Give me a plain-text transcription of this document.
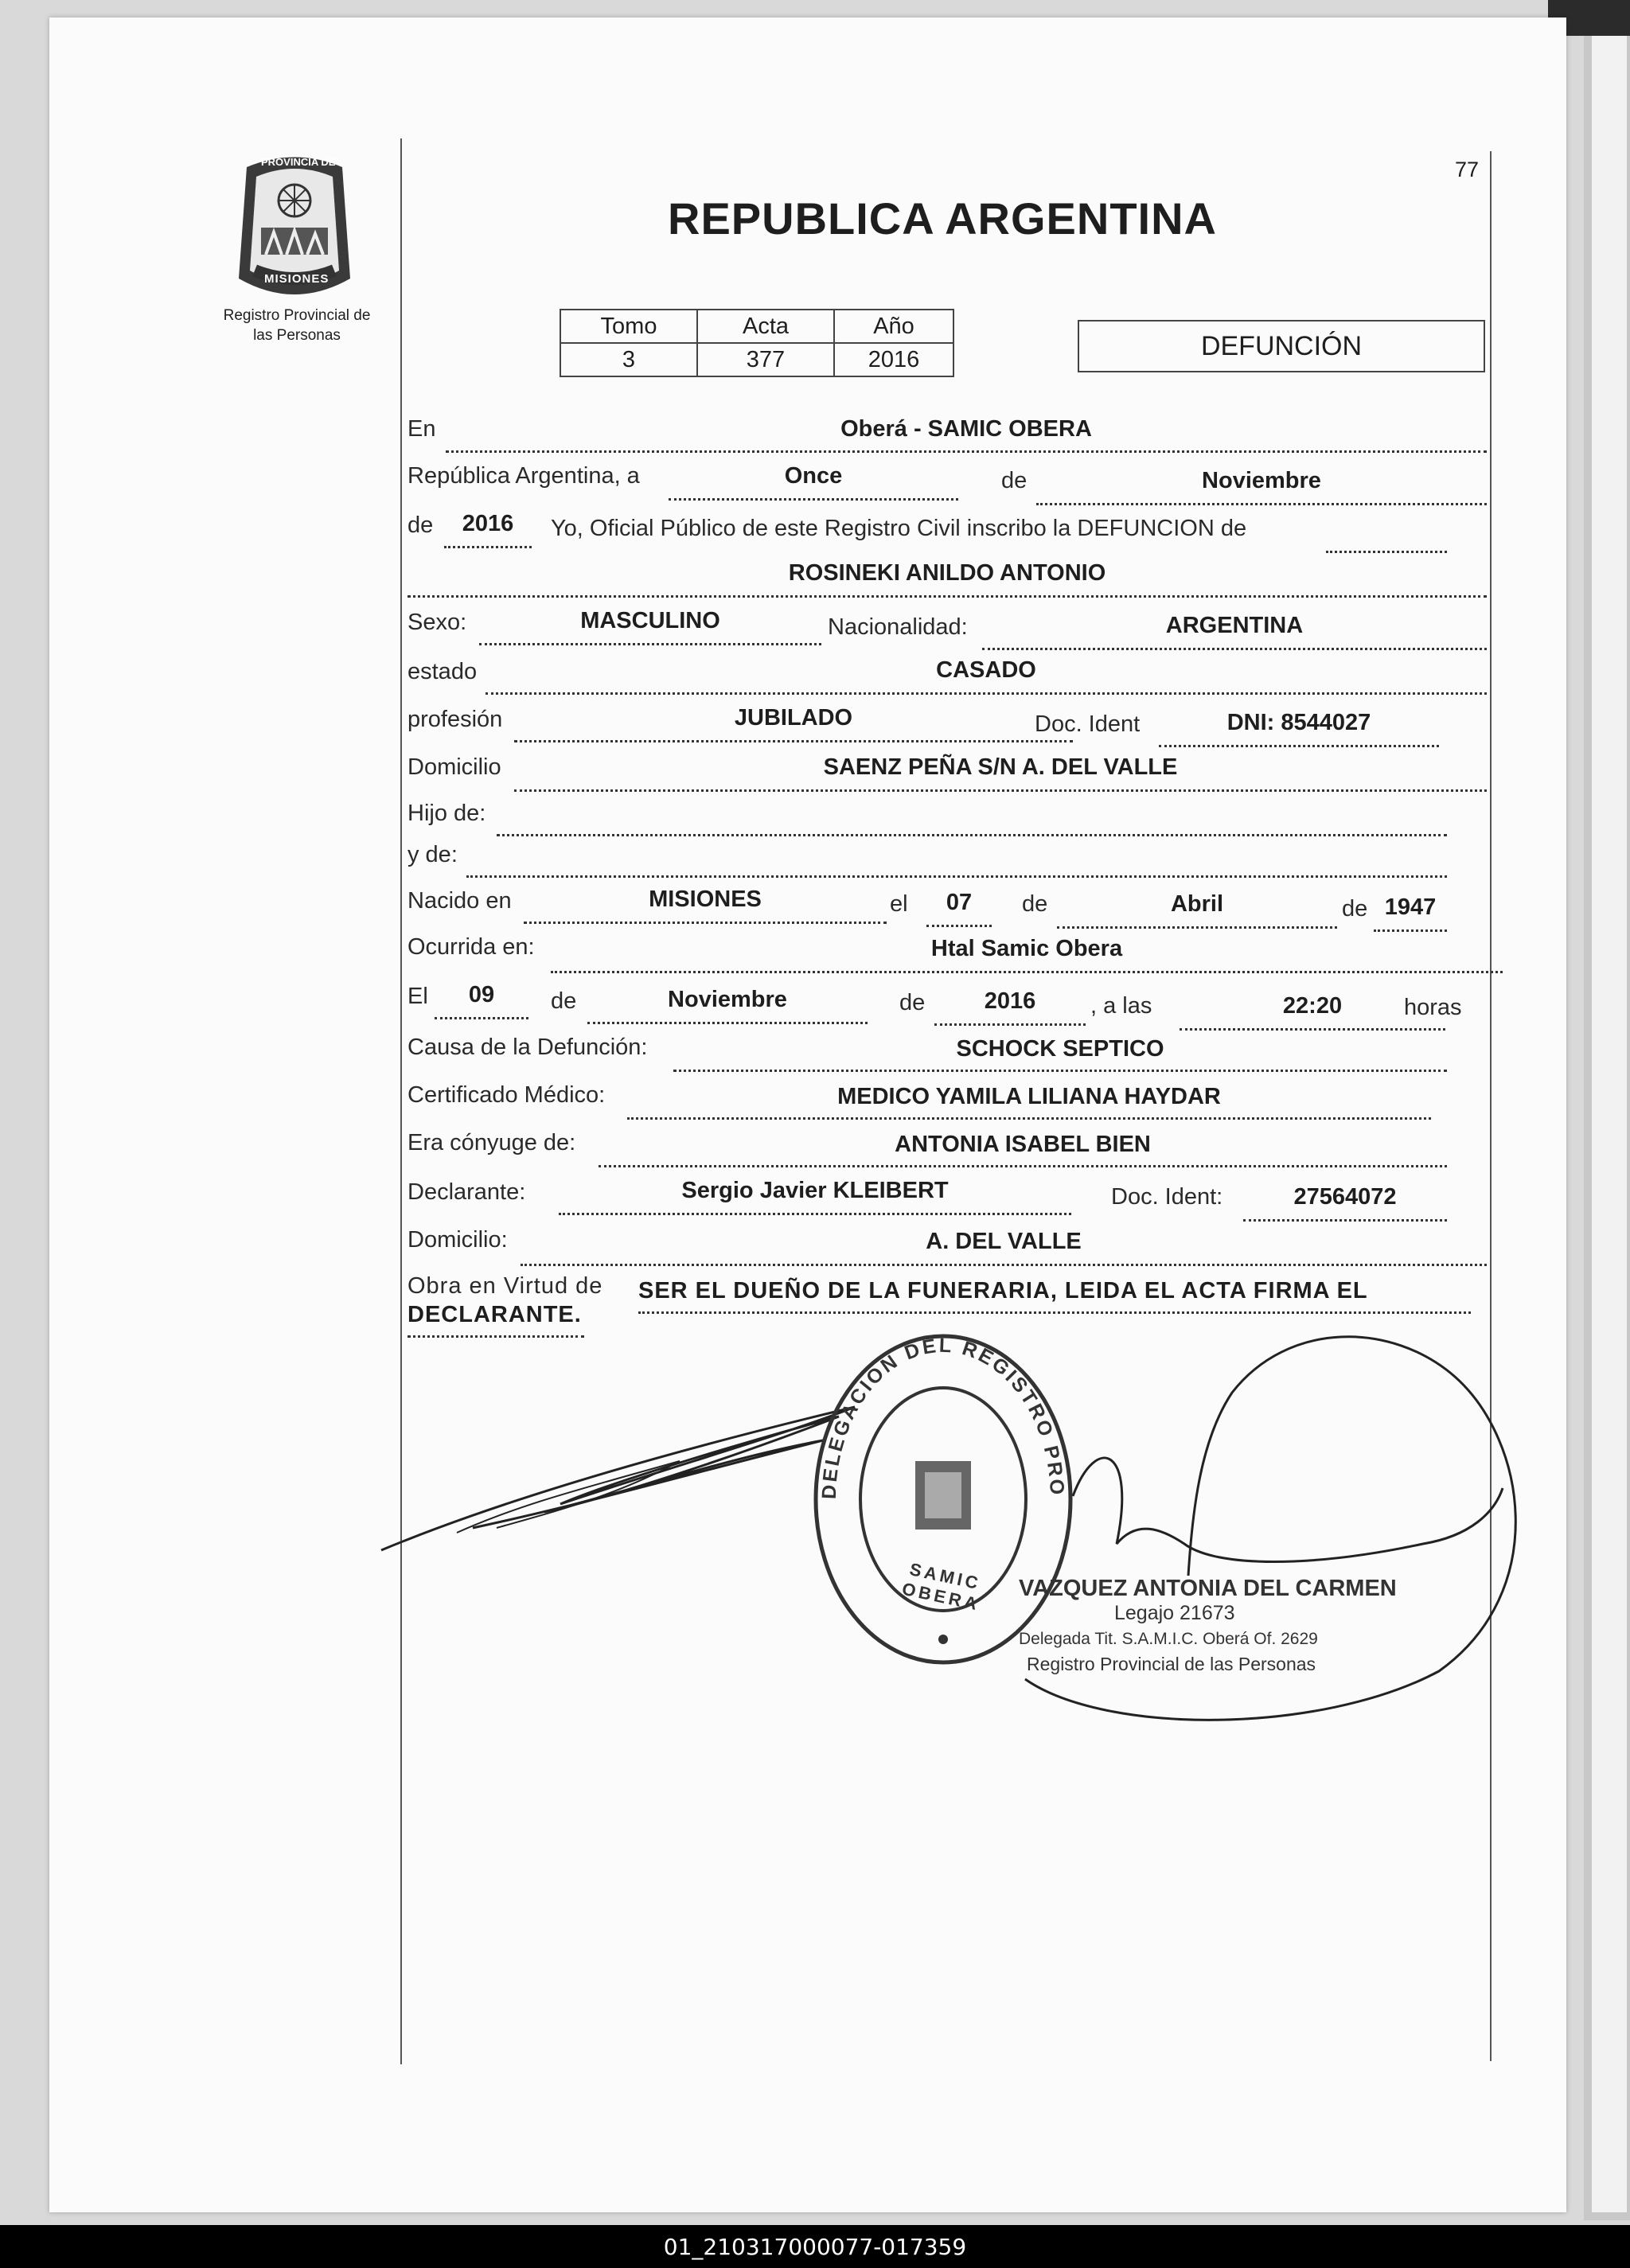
PROVINCIA DE
MISIONES
Registro Provincial de
las Personas
77
REPUBLICA ARGENTINA
Tomo	Acta	Año
3	377	2016	DEFUNCIÓN
En	Oberá - SAMIC OBERA
República Argentina, a	Once	de	Noviembre
de	2016	Yo, Oficial Público de este Registro Civil inscribo la DEFUNCION de
ROSINEKI ANILDO ANTONIO
Sexo:	MASCULINO	Nacionalidad:	ARGENTINA
estado	CASADO
profesión	JUBILADO	Doc. Ident	DNI: 8544027
Domicilio	SAENZ PEÑA S/N A. DEL VALLE
Hijo de:
y de:
Nacido en	MISIONES	el	07	de	Abril	de 1947
Ocurrida en:	Htal Samic Obera
El	09	de	Noviembre	de	2016	, a las	22:20	horas
Causa de la Defunción:	SCHOCK SEPTICO
Certificado Médico:	MEDICO YAMILA LILIANA HAYDAR
Era cónyuge de:	ANTONIA ISABEL BIEN
Declarante:	Sergio Javier KLEIBERT	Doc. Ident:	27564072
Domicilio:	A. DEL VALLE
Obra en Virtud de SER EL DUEÑO DE LA FUNERARIA, LEIDA EL ACTA FIRMA EL
DECLARANTE.
DELEGACION DEL REGISTRO PRO
SAMIC OBERA	VAZQUEZ ANTONIA DEL CARMEN
Legajo 21673
Delegada Tit. S.A.M.I.C. Oberá Of. 2629
Registro Provincial de las Personas
01_210317000077-017359
